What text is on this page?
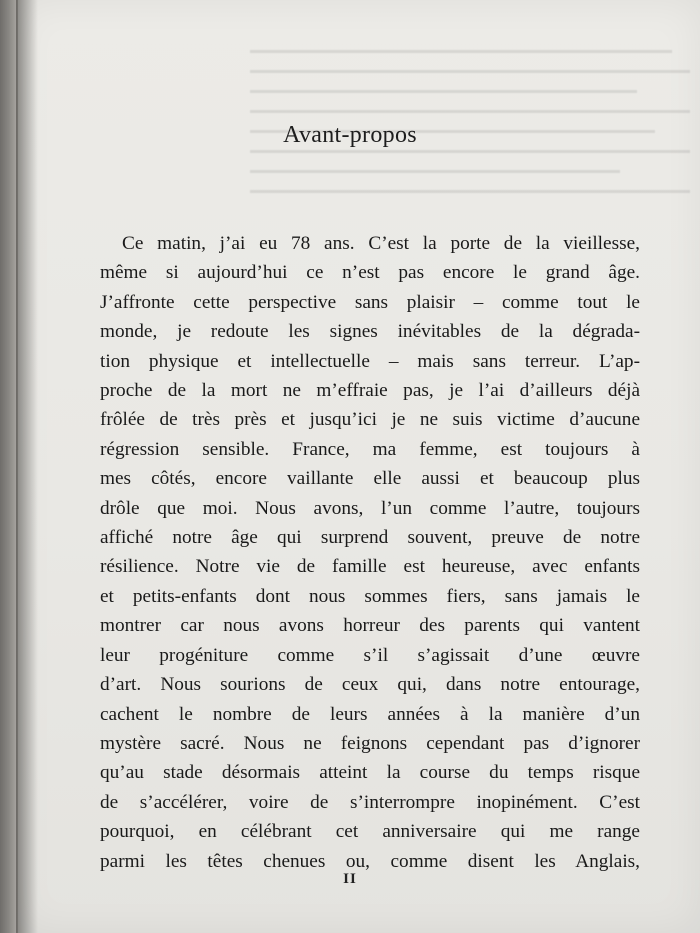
Avant-propos
Ce matin, j’ai eu 78 ans. C’est la porte de la vieillesse,
même si aujourd’hui ce n’est pas encore le grand âge.
J’affronte cette perspective sans plaisir – comme tout le
monde, je redoute les signes inévitables de la dégrada-
tion physique et intellectuelle – mais sans terreur. L’ap-
proche de la mort ne m’effraie pas, je l’ai d’ailleurs déjà
frôlée de très près et jusqu’ici je ne suis victime d’aucune
régression sensible. France, ma femme, est toujours à
mes côtés, encore vaillante elle aussi et beaucoup plus
drôle que moi. Nous avons, l’un comme l’autre, toujours
affiché notre âge qui surprend souvent, preuve de notre
résilience. Notre vie de famille est heureuse, avec enfants
et petits-enfants dont nous sommes fiers, sans jamais le
montrer car nous avons horreur des parents qui vantent
leur progéniture comme s’il s’agissait d’une œuvre
d’art. Nous sourions de ceux qui, dans notre entourage,
cachent le nombre de leurs années à la manière d’un
mystère sacré. Nous ne feignons cependant pas d’ignorer
qu’au stade désormais atteint la course du temps risque
de s’accélérer, voire de s’interrompre inopinément. C’est
pourquoi, en célébrant cet anniversaire qui me range
parmi les têtes chenues ou, comme disent les Anglais,
II
